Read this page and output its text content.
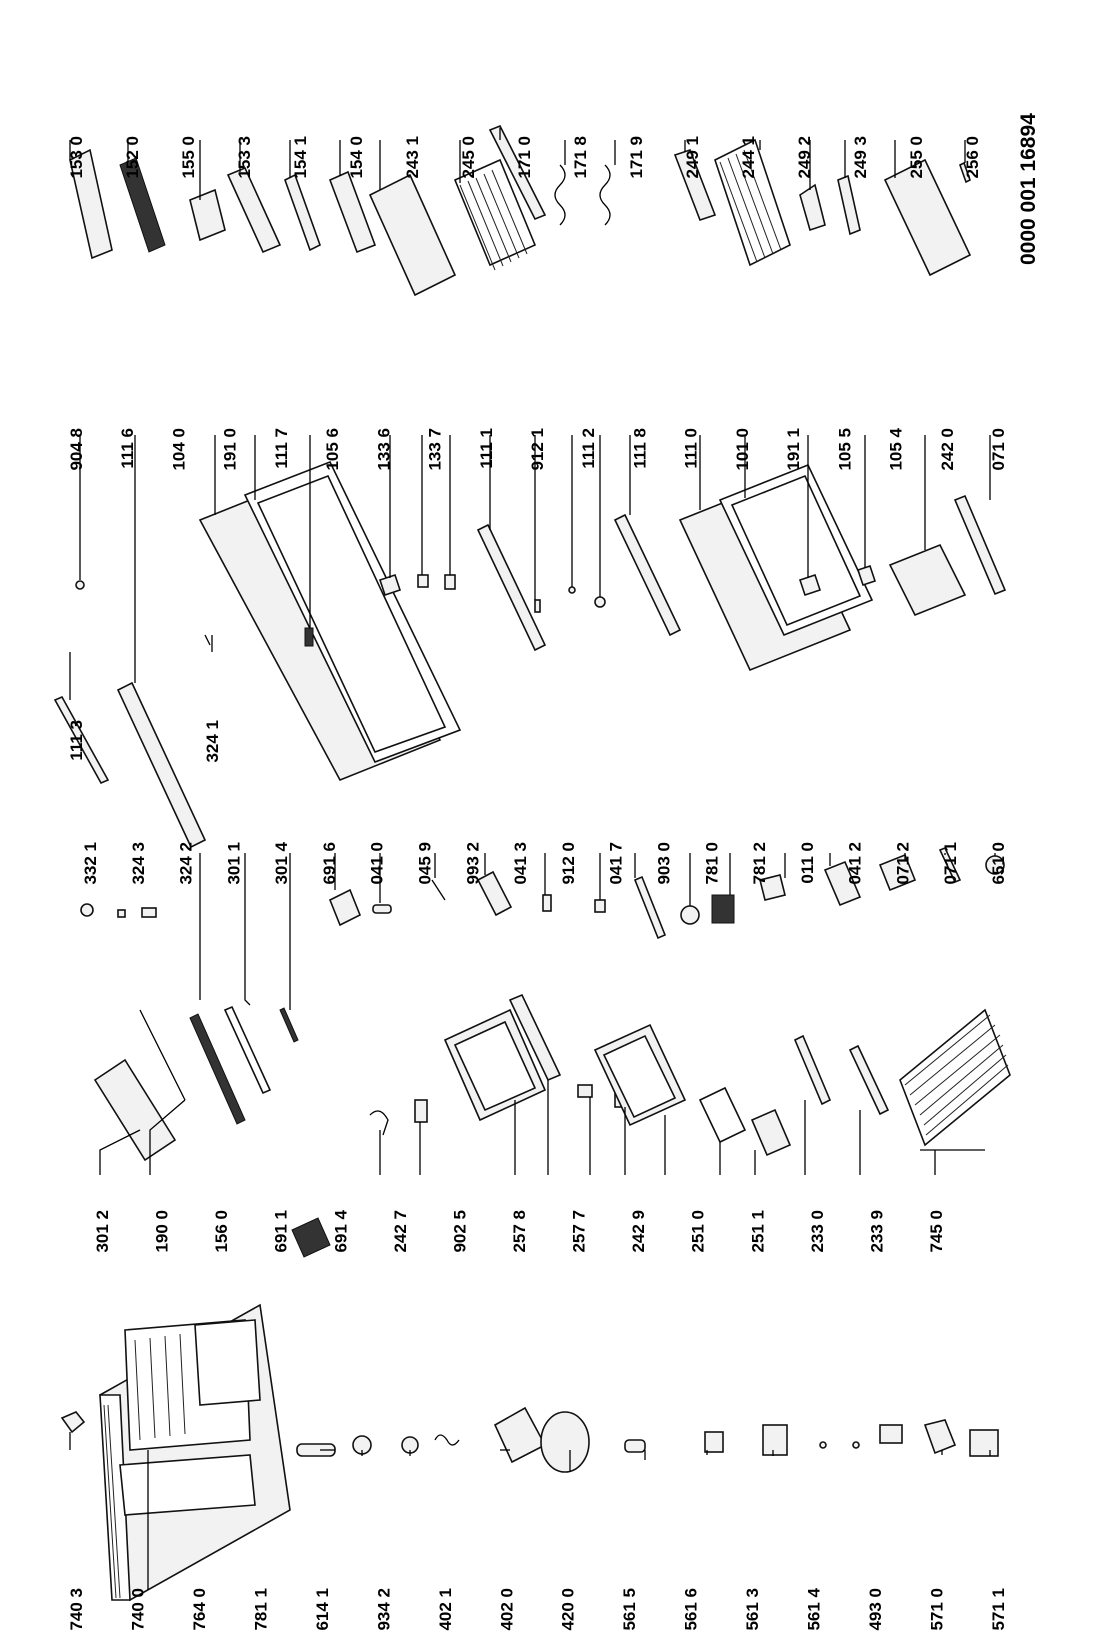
740 3	740 0 764 0	781 1	614 1 934 2	402 1	402 0 420 0	561 5	561 6 561 3	561 4	493 0 571 0	571 1
301 2 190 0 156 0 691 1 691 4 242 7 902 5 257 8 257 7 242 9 251 0 251 1 233 0 233 9 745 0
332 1 324 3 324 2 301 1 301 4 691 6 041 0 045 9 993 2 041 3 912 0 041 7 903 0 781 0 781 2 011 0 041 2 071 2 071 1 651 0
111 3	324 1
904 8 111 6 104 0 191 0 111 7 105 6 133 6 133 7 111 1 912 1 111 2 111 8 111 0 101 0 191 1 105 5 105 4 242 0 071 0
153 0 152 0 155 0 153 3 154 1 154 0 243 1 245 0 171 0 171 8 171 9 249 1 244 1 249 2 249 3 255 0 256 0 0000 001 16894
